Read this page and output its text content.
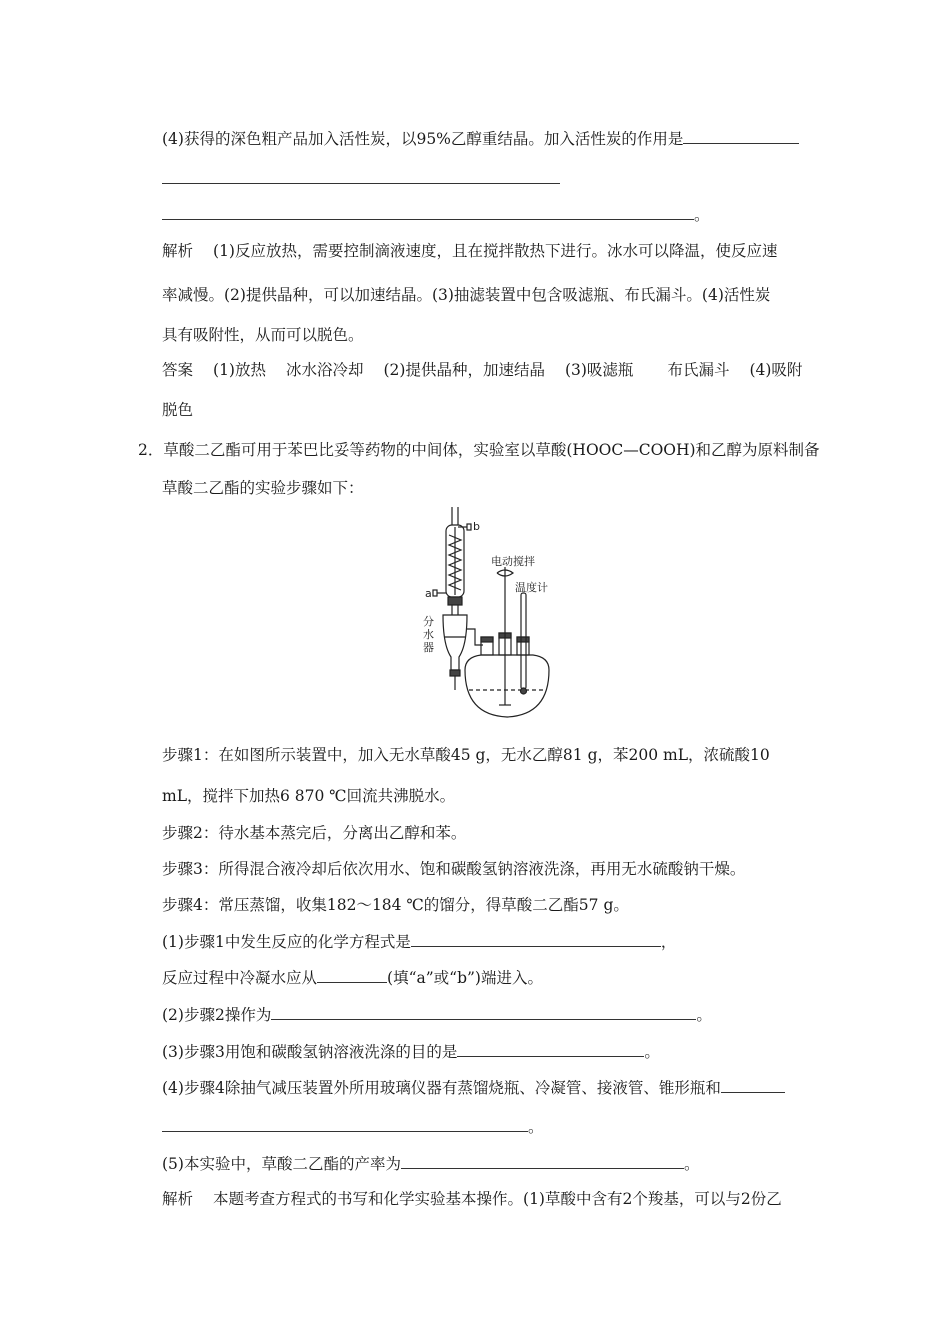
(4)获得的深色粗产品加入活性炭，以95%乙醇重结晶。加入活性炭的作用是
。
解析 (1)反应放热，需要控制滴液速度，且在搅拌散热下进行。冰水可以降温，使反应速
率减慢。(2)提供晶种，可以加速结晶。(3)抽滤装置中包含吸滤瓶、布氏漏斗。(4)活性炭
具有吸附性，从而可以脱色。
答案 (1)放热 冰水浴冷却 (2)提供晶种，加速结晶 (3)吸滤瓶 布氏漏斗 (4)吸附
脱色
2．草酸二乙酯可用于苯巴比妥等药物的中间体，实验室以草酸(HOOC—COOH)和乙醇为原料制备
草酸二乙酯的实验步骤如下：
b
a
电动搅拌
温度计
分
水
器
步骤1：在如图所示装置中，加入无水草酸45 g，无水乙醇81 g，苯200 mL，浓硫酸10
mL，搅拌下加热6 870 ℃回流共沸脱水。
步骤2：待水基本蒸完后，分离出乙醇和苯。
步骤3：所得混合液冷却后依次用水、饱和碳酸氢钠溶液洗涤，再用无水硫酸钠干燥。
步骤4：常压蒸馏，收集182～184 ℃的馏分，得草酸二乙酯57 g。
(1)步骤1中发生反应的化学方程式是	，
反应过程中冷凝水应从	(填“a”或“b”)端进入。
(2)步骤2操作为	。
(3)步骤3用饱和碳酸氢钠溶液洗涤的目的是	。
(4)步骤4除抽气减压装置外所用玻璃仪器有蒸馏烧瓶、冷凝管、接液管、锥形瓶和
。
(5)本实验中，草酸二乙酯的产率为	。
解析 本题考查方程式的书写和化学实验基本操作。(1)草酸中含有2个羧基，可以与2份乙
